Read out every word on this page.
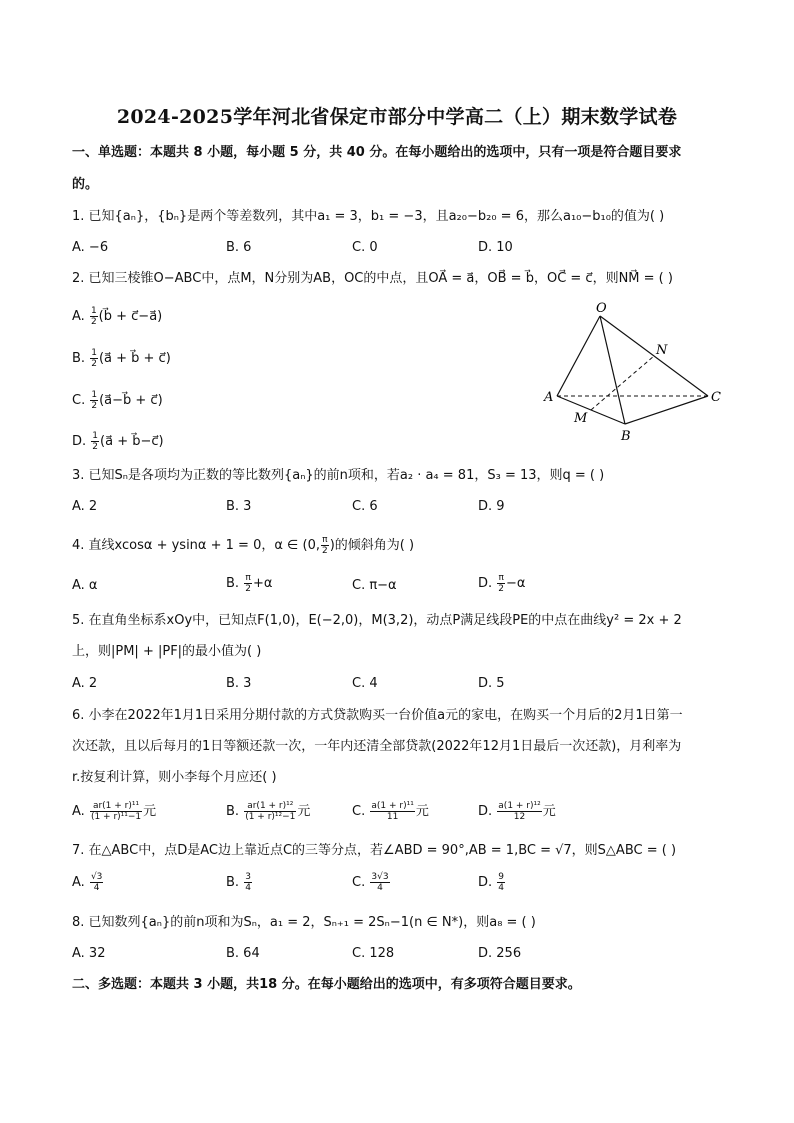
2024-2025学年河北省保定市部分中学高二（上）期末数学试卷
一、单选题：本题共 8 小题，每小题 5 分，共 40 分。在每小题给出的选项中，只有一项是符合题目要求
的。
1. 已知{aₙ}，{bₙ}是两个等差数列，其中a₁ = 3，b₁ = −3，且a₂₀−b₂₀ = 6，那么a₁₀−b₁₀的值为( )
A. −6	B. 6	C. 0	D. 10
2. 已知三棱锥O−ABC中，点M，N分别为AB，OC的中点，且OA⃗ = a⃗，OB⃗ = b⃗，OC⃗ = c⃗，则NM⃗ = ( )
A. $\frac{1}{2}$ (b⃗ + c⃗−a⃗)
B. $\frac{1}{2}$ (a⃗ + b⃗ + c⃗)
C. $\frac{1}{2}$ (a⃗−b⃗ + c⃗)
D. $\frac{1}{2}$ (a⃗ + b⃗−c⃗)
O
N
A	C
M
B
3. 已知Sₙ是各项均为正数的等比数列{aₙ}的前n项和，若a₂ · a₄ = 81，S₃ = 13，则q = ( )
A. 2	B. 3	C. 6	D. 9
4. 直线xcosα + ysinα + 1 = 0，α ∈ (0, $\frac{\pi}{2}$ )的倾斜角为( )
A. α	B. $\frac{\pi}{2} +\alpha$	C. π−α	D. $\frac{\pi}{2} -\alpha$
5. 在直角坐标系xOy中，已知点F(1,0)，E(−2,0)，M(3,2)，动点P满足线段PE的中点在曲线y² = 2x + 2
上，则|PM| + |PF|的最小值为( )
A. 2	B. 3	C. 4	D. 5
6. 小李在2022年1月1日采用分期付款的方式贷款购买一台价值a元的家电，在购买一个月后的2月1日第一
次还款，且以后每月的1日等额还款一次，一年内还清全部贷款(2022年12月1日最后一次还款)，月利率为
r.按复利计算，则小李每个月应还( )
A. $\frac{\text{ar(1 + r)¹¹}}{\text{(1 + r)¹¹−1}}$ 元	B. $\frac{\text{ar(1 + r)¹²}}{\text{(1 + r)¹²−1}}$ 元	C. $\frac{\text{a(1 + r)¹¹}}{11}$ 元	D. $\frac{\text{a(1 + r)¹²}}{12}$ 元
7. 在△ABC中，点D是AC边上靠近点C的三等分点，若∠ABD = 90°,AB = 1,BC = √7，则S△ABC = ( )
A. $\frac{√3}{4}$	B. $\frac{3}{4}$	C. $\frac{3√3}{4}$	D. $\frac{9}{4}$
8. 已知数列{aₙ}的前n项和为Sₙ，a₁ = 2，Sₙ₊₁ = 2Sₙ−1(n ∈ N*)，则a₈ = ( )
A. 32	B. 64	C. 128	D. 256
二、多选题：本题共 3 小题，共18 分。在每小题给出的选项中，有多项符合题目要求。
